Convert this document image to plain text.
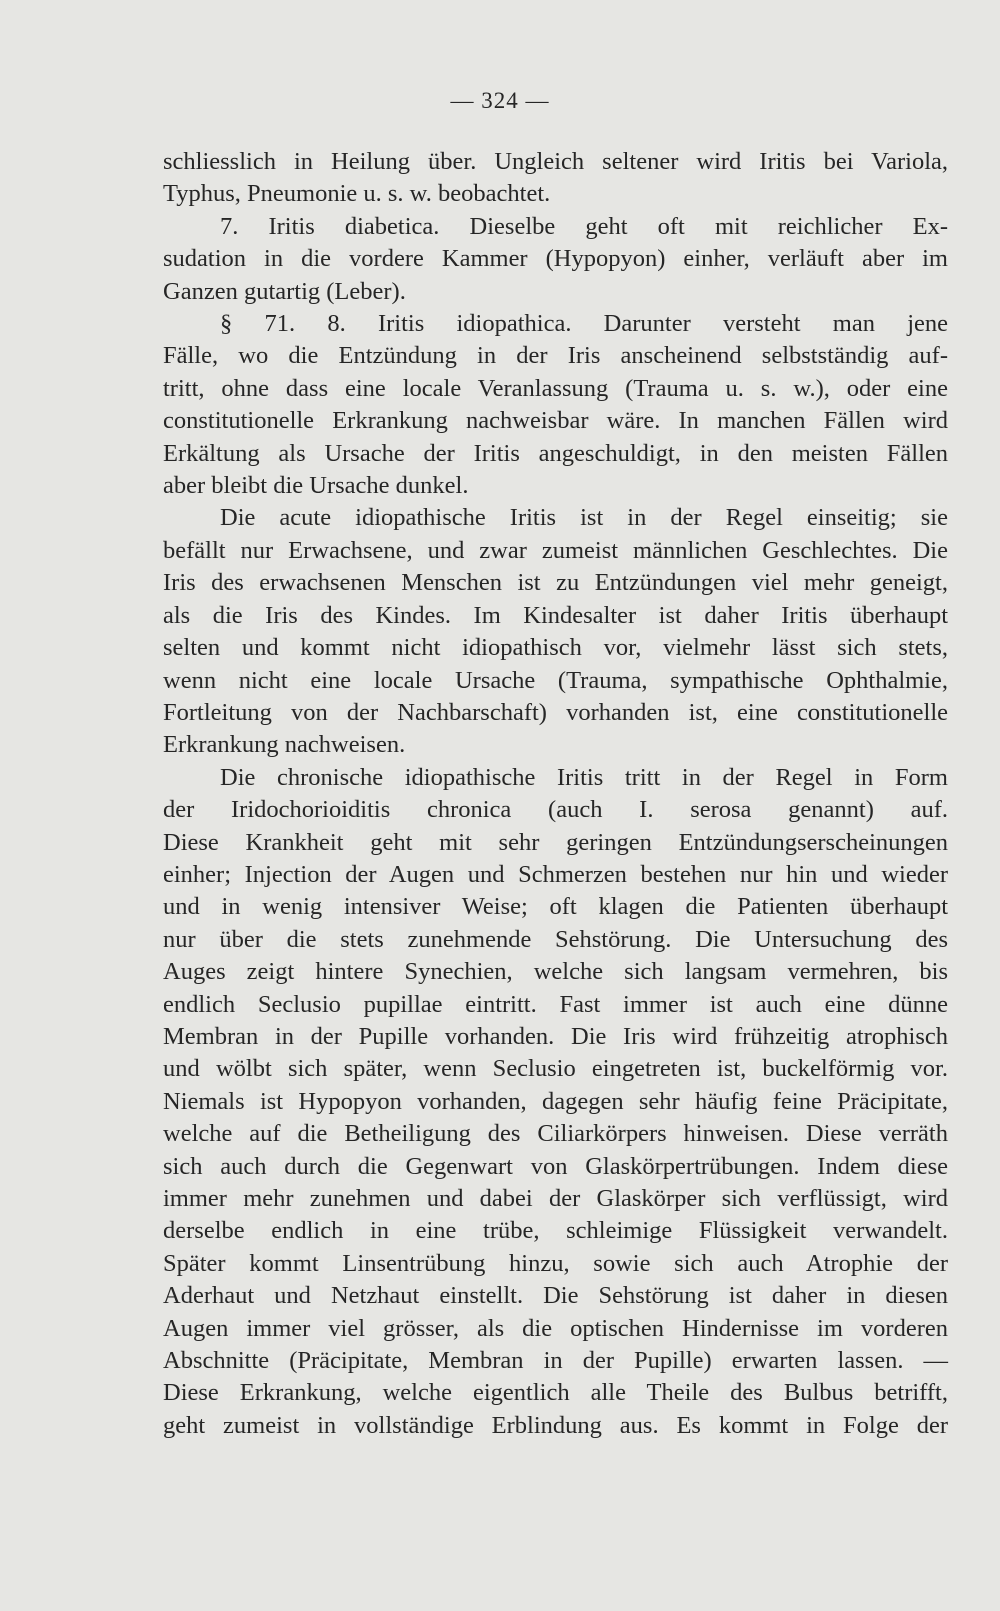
— 324 —
schliesslich in Heilung über. Ungleich seltener wird Iritis bei Variola,
Typhus, Pneumonie u. s. w. beobachtet.
7. Iritis diabetica. Dieselbe geht oft mit reichlicher Ex-
sudation in die vordere Kammer (Hypopyon) einher, verläuft aber im
Ganzen gutartig (Leber).
§ 71. 8. Iritis idiopathica. Darunter versteht man jene
Fälle, wo die Entzündung in der Iris anscheinend selbstständig auf-
tritt, ohne dass eine locale Veranlassung (Trauma u. s. w.), oder eine
constitutionelle Erkrankung nachweisbar wäre. In manchen Fällen wird
Erkältung als Ursache der Iritis angeschuldigt, in den meisten Fällen
aber bleibt die Ursache dunkel.
Die acute idiopathische Iritis ist in der Regel einseitig; sie
befällt nur Erwachsene, und zwar zumeist männlichen Geschlechtes. Die
Iris des erwachsenen Menschen ist zu Entzündungen viel mehr geneigt,
als die Iris des Kindes. Im Kindesalter ist daher Iritis überhaupt
selten und kommt nicht idiopathisch vor, vielmehr lässt sich stets,
wenn nicht eine locale Ursache (Trauma, sympathische Ophthalmie,
Fortleitung von der Nachbarschaft) vorhanden ist, eine constitutionelle
Erkrankung nachweisen.
Die chronische idiopathische Iritis tritt in der Regel in Form
der Iridochorioiditis chronica (auch I. serosa genannt) auf.
Diese Krankheit geht mit sehr geringen Entzündungserscheinungen
einher; Injection der Augen und Schmerzen bestehen nur hin und wieder
und in wenig intensiver Weise; oft klagen die Patienten überhaupt
nur über die stets zunehmende Sehstörung. Die Untersuchung des
Auges zeigt hintere Synechien, welche sich langsam vermehren, bis
endlich Seclusio pupillae eintritt. Fast immer ist auch eine dünne
Membran in der Pupille vorhanden. Die Iris wird frühzeitig atrophisch
und wölbt sich später, wenn Seclusio eingetreten ist, buckelförmig vor.
Niemals ist Hypopyon vorhanden, dagegen sehr häufig feine Präcipitate,
welche auf die Betheiligung des Ciliarkörpers hinweisen. Diese verräth
sich auch durch die Gegenwart von Glaskörpertrübungen. Indem diese
immer mehr zunehmen und dabei der Glaskörper sich verflüssigt, wird
derselbe endlich in eine trübe, schleimige Flüssigkeit verwandelt.
Später kommt Linsentrübung hinzu, sowie sich auch Atrophie der
Aderhaut und Netzhaut einstellt. Die Sehstörung ist daher in diesen
Augen immer viel grösser, als die optischen Hindernisse im vorderen
Abschnitte (Präcipitate, Membran in der Pupille) erwarten lassen. —
Diese Erkrankung, welche eigentlich alle Theile des Bulbus betrifft,
geht zumeist in vollständige Erblindung aus. Es kommt in Folge der
